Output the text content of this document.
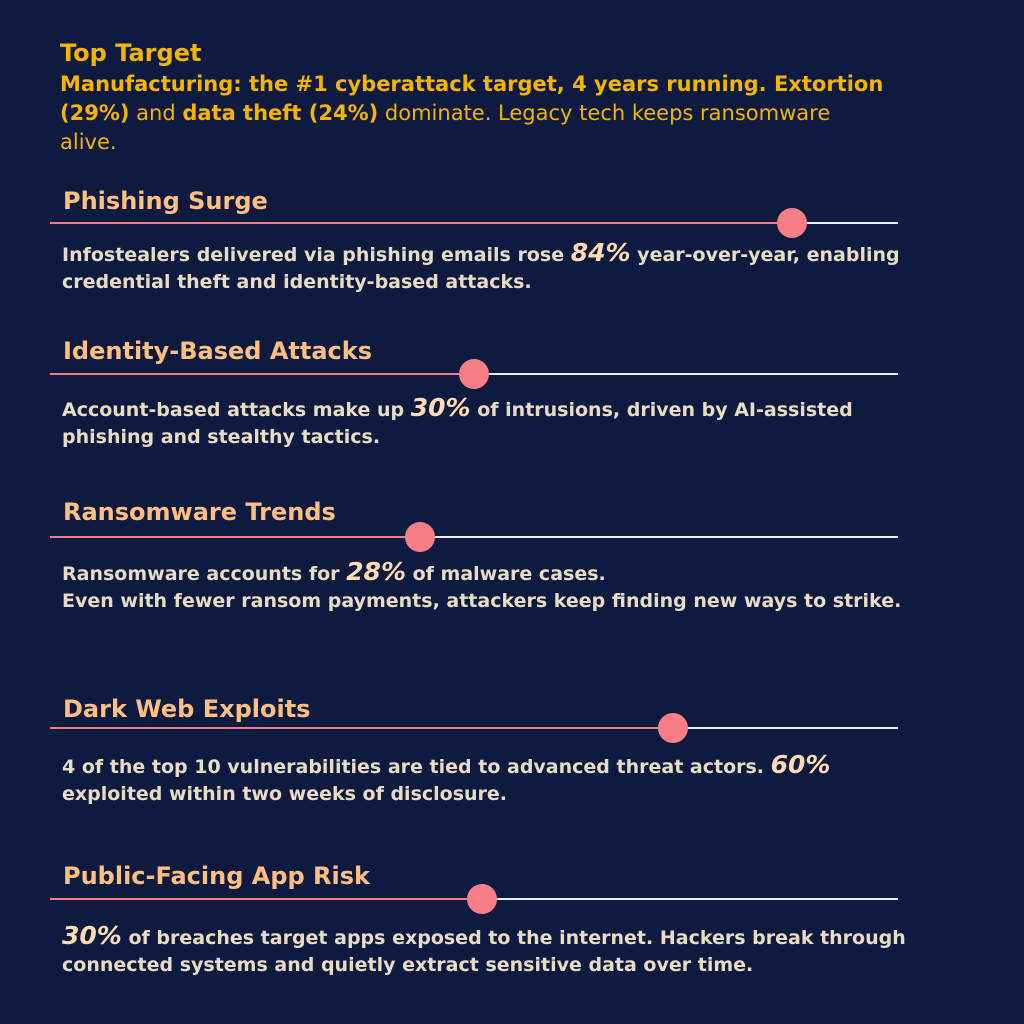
Top Target
Manufacturing: the #1 cyberattack target, 4 years running. Extortion
(29%) and data theft (24%) dominate. Legacy tech keeps ransomware
alive.
Phishing Surge
Infostealers delivered via phishing emails rose 84% year-over-year, enabling credential theft and identity-based attacks.
Identity-Based Attacks
Account-based attacks make up 30% of intrusions, driven by AI-assisted phishing and stealthy tactics.
Ransomware Trends
Ransomware accounts for 28% of malware cases.
Even with fewer ransom payments, attackers keep finding new ways to strike.
Dark Web Exploits
4 of the top 10 vulnerabilities are tied to advanced threat actors. 60% exploited within two weeks of disclosure.
Public-Facing App Risk
30% of breaches target apps exposed to the internet. Hackers break through connected systems and quietly extract sensitive data over time.
